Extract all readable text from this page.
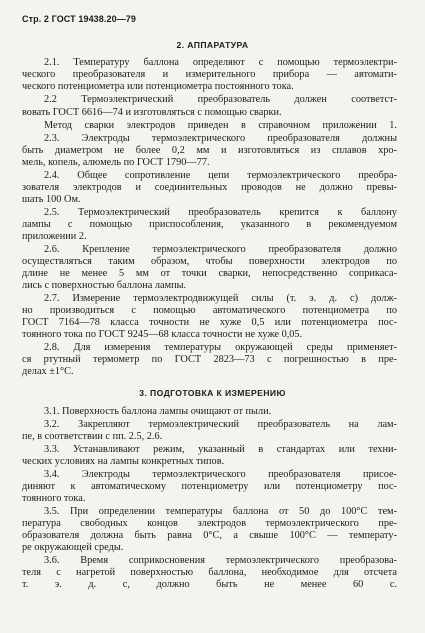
Стр. 2 ГОСТ 19438.20—79
2. АППАРАТУРА
2.1. Температуру баллона определяют с помощью термоэлектри-
ческого преобразователя и измерительного прибора — автомати-
ческого потенциометра или потенциометра постоянного тока.
2.2 Термоэлектрический преобразователь должен соответст-
вовать ГОСТ 6616—74 и изготовляться с помощью сварки.
Метод сварки электродов приведен в справочном приложении 1.
2.3. Электроды термоэлектрического преобразователя должны
быть диаметром не более 0,2 мм и изготовляться из сплавов хро-
мель, копель, алюмель по ГОСТ 1790—77.
2.4. Общее сопротивление цепи термоэлектрического преобра-
зователя электродов и соединительных проводов не должно превы-
шать 100 Ом.
2.5. Термоэлектрический преобразователь крепится к баллону
лампы с помощью приспособления, указанного в рекомендуемом
приложении 2.
2.6. Крепление термоэлектрического преобразователя должно
осуществляться таким образом, чтобы поверхности электродов по
длине не менее 5 мм от точки сварки, непосредственно соприкаса-
лись с поверхностью баллона лампы.
2.7. Измерение термоэлектродвижущей силы (т. э. д. с) долж-
но производиться с помощью автоматического потенциометра по
ГОСТ 7164—78 класса точности не хуже 0,5 или потенциометра пос-
тоянного тока по ГОСТ 9245—68 класса точности не хуже 0,05.
2.8. Для измерения температуры окружающей среды применяет-
ся ртутный термометр по ГОСТ 2823—73 с погрешностью в пре-
делах ±1°С.
3. ПОДГОТОВКА К ИЗМЕРЕНИЮ
3.1. Поверхность баллона лампы очищают от пыли.
3.2. Закрепляют термоэлектрический преобразователь на лам-
пе, в соответствии с пп. 2.5, 2.6.
3.3. Устанавливают режим, указанный в стандартах или техни-
ческих условиях на лампы конкретных типов.
3.4. Электроды термоэлектрического преобразователя присое-
диняют к автоматическому потенциометру или потенциометру пос-
тоянного тока.
3.5. При определении температуры баллона от 50 до 100°С тем-
пература свободных концов электродов термоэлектрического пре-
образователя должна быть равна 0°С, а свыше 100°С — температу-
ре окружающей среды.
3.6. Время соприкосновения термоэлектрического преобразова-
теля с нагретой поверхностью баллона, необходимое для отсчета
т. э. д. с, должно быть не менее 60 с.
